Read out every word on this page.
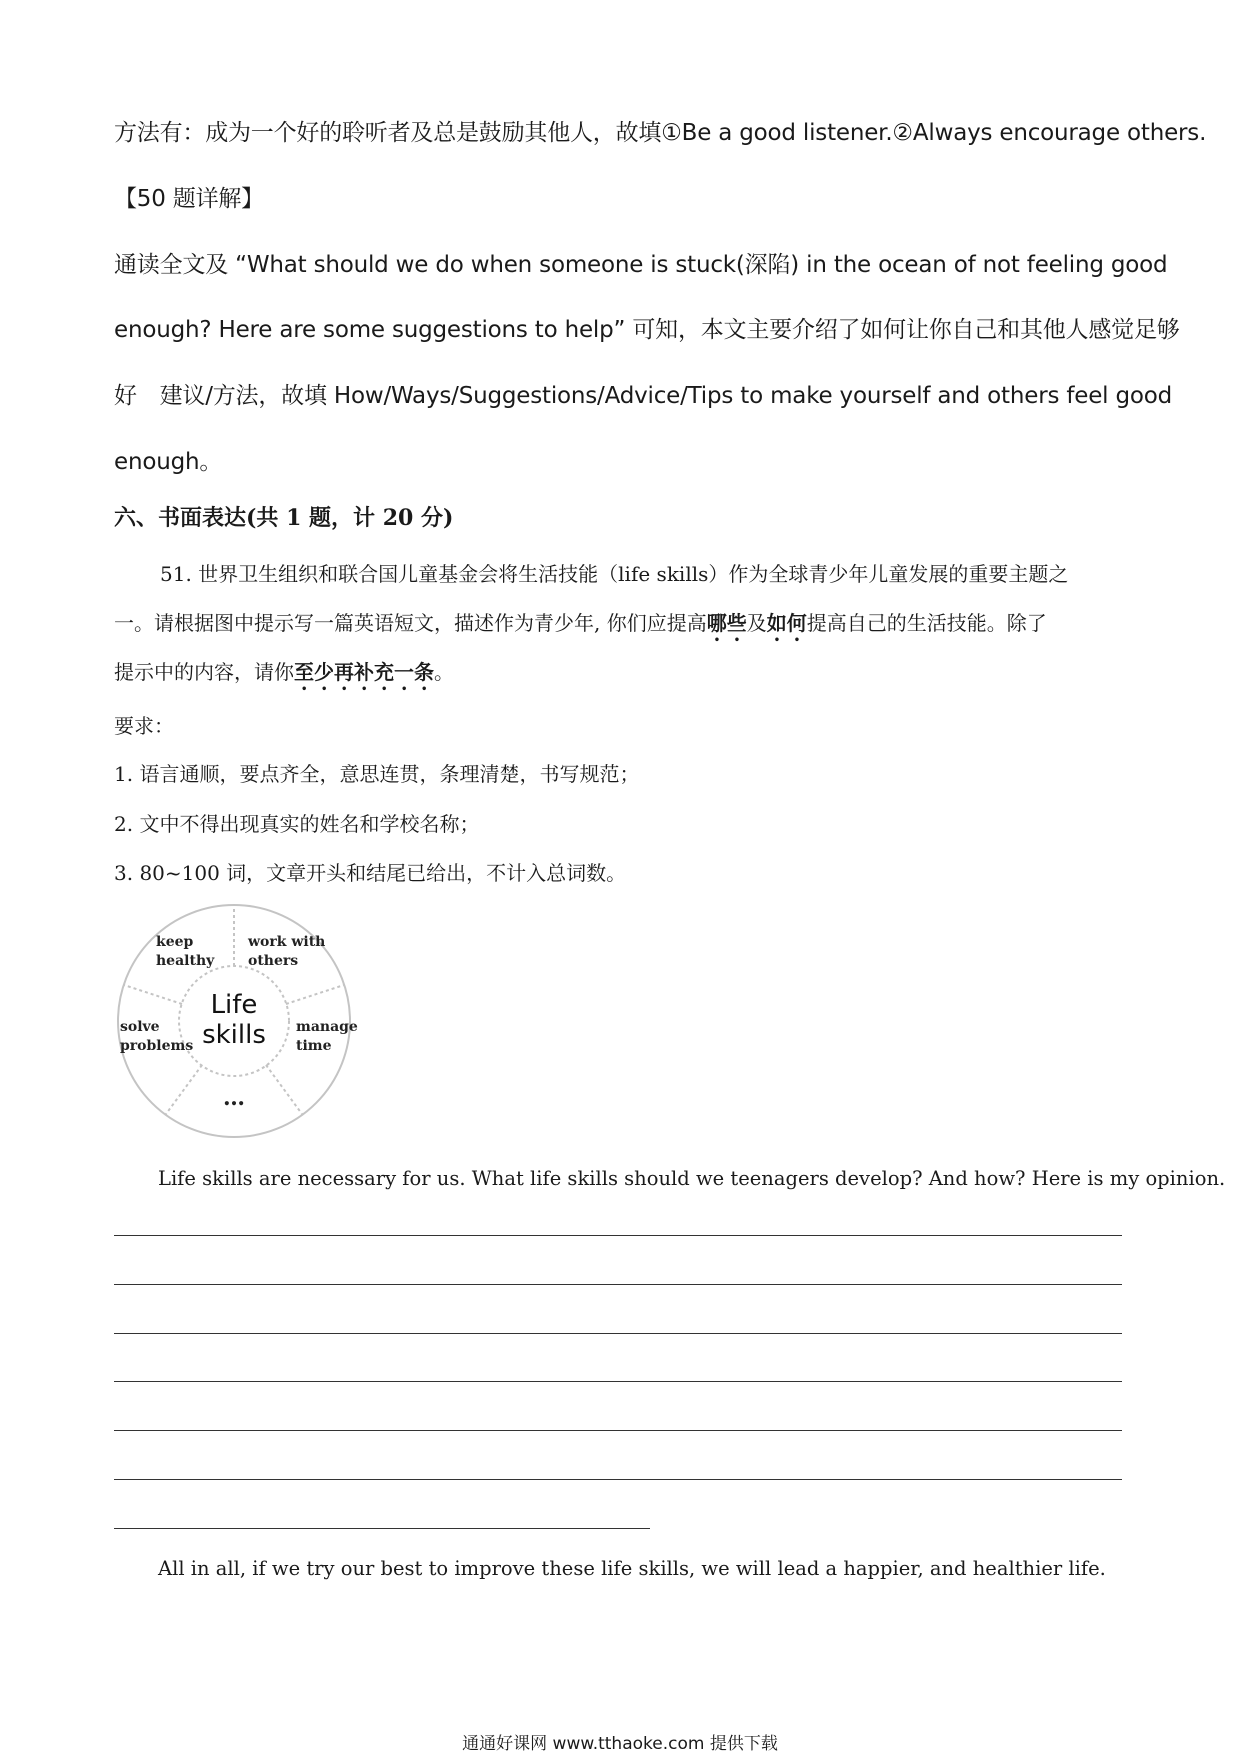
方法有：成为一个好的聆听者及总是鼓励其他人，故填①Be a good listener.②Always encourage others.
【50 题详解】
通读全文及 “What should we do when someone is stuck(深陷) in the ocean of not feeling good
enough? Here are some suggestions to help” 可知，本文主要介绍了如何让你自己和其他人感觉足够
好　建议/方法，故填 How/Ways/Suggestions/Advice/Tips to make yourself and others feel good
enough。
六、书面表达(共 1 题，计 20 分)
51. 世界卫生组织和联合国儿童基金会将生活技能（life skills）作为全球青少年儿童发展的重要主题之
一。请根据图中提示写一篇英语短文，描述作为青少年, 你们应提高哪些及如何提高自己的生活技能。除了
提示中的内容，请你至少再补充一条。
要求：
1. 语言通顺，要点齐全，意思连贯，条理清楚，书写规范；
2. 文中不得出现真实的姓名和学校名称；
3. 80~100 词，文章开头和结尾已给出，不计入总词数。
Life
skills
keep
healthy
work with
others
manage
time
…
solve
problems
Life skills are necessary for us. What life skills should we teenagers develop? And how? Here is my opinion.
All in all, if we try our best to improve these life skills, we will lead a happier, and healthier life.
通通好课网 www.tthaoke.com 提供下载
